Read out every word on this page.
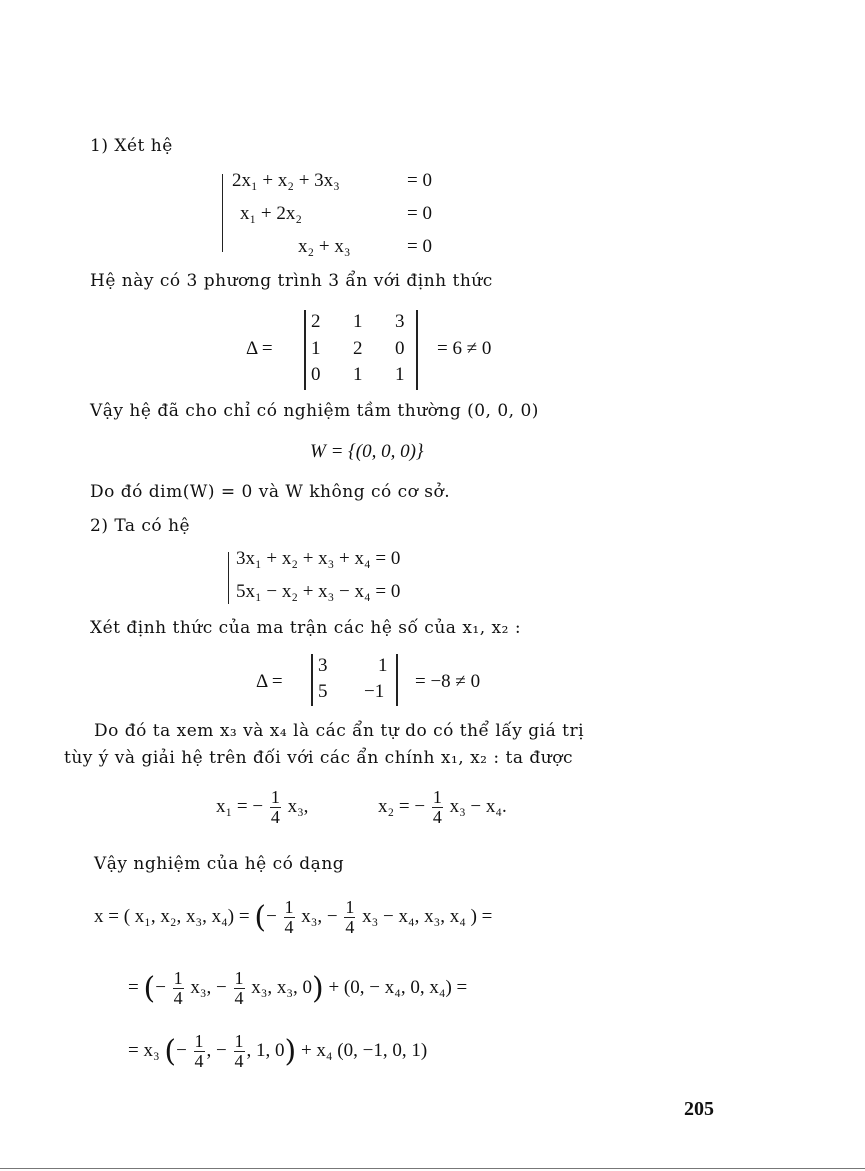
1) Xét hệ
2x₁ + x₂ + 3x₃
x₁ + 2x₂
x₂ + x₃
= 0
= 0
= 0
Hệ này có 3 phương trình 3 ẩn với định thức
Δ =
2 1 3
1 2 0
0 1 1
= 6 ≠ 0
Vậy hệ đã cho chỉ có nghiệm tầm thường (0, 0, 0)
W = {(0, 0, 0)}
Do đó dim(W) = 0 và W không có cơ sở.
2) Ta có hệ
3x₁ + x₂ + x₃ + x₄ = 0
5x₁ − x₂ + x₃ − x₄ = 0
Xét định thức của ma trận các hệ số của x₁, x₂ :
Δ =
3	1
5 −1 = −8 ≠ 0
Do đó ta xem x₃ và x₄ là các ẩn tự do có thể lấy giá trị
tùy ý và giải hệ trên đối với các ẩn chính x₁, x₂ : ta được
x₁ = − $\frac{1}{4} x_3$,	x₂ = − $\frac{1}{4} x_3 - x_4$.
Vậy nghiệm của hệ có dạng
x = ( x₁, x₂, x₃, x₄) = (− $\frac{1}{4} x_3$, − $\frac{1}{4} x_3 - x_4$, x₃, x₄ ) =
= (− $\frac{1}{4} x_3$, − $\frac{1}{4} x_3$, x₃, 0) + (0, − x₄, 0, x₄) =
= x₃ (− $\frac{1}{4}$ , − $\frac{1}{4}$ , 1, 0) + x₄ (0, −1, 0, 1)
205
